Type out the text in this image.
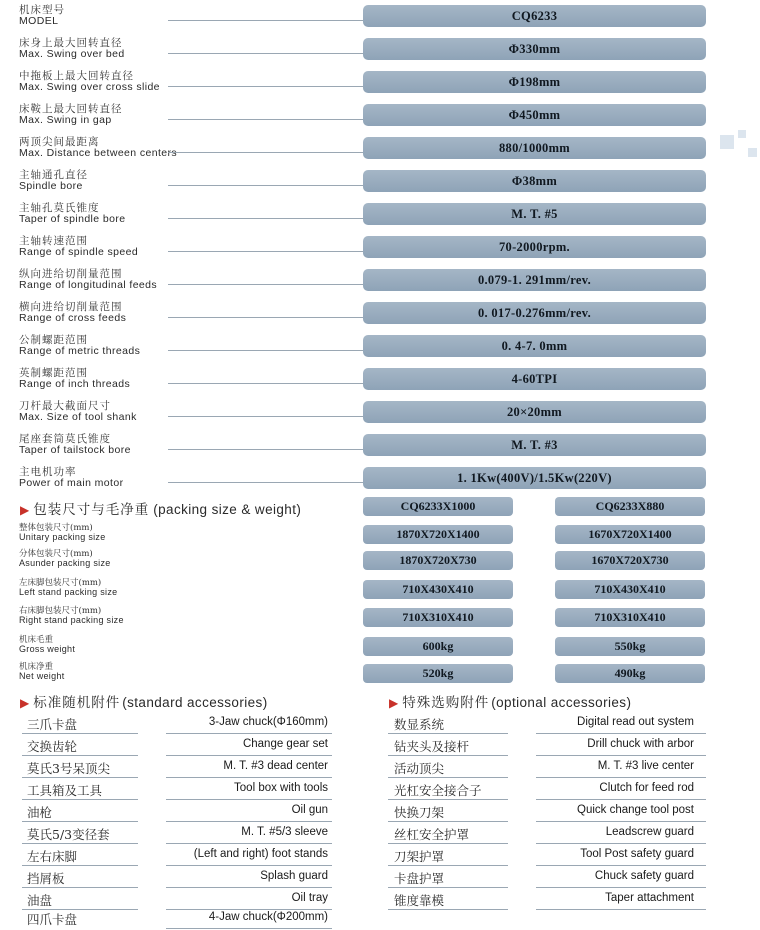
机床型号
MODEL	CQ6233
床身上最大回转直径
Max. Swing over bed	Φ330mm
中拖板上最大回转直径
Max. Swing over cross slide	Φ198mm
床鞍上最大回转直径
Max. Swing in gap	Φ450mm
两顶尖间最距离
Max. Distance between centers	880/1000mm
主轴通孔直径
Spindle bore	Φ38mm
主轴孔莫氏锥度
Taper of spindle bore	M. T. #5
主轴转速范围
Range of spindle speed	70-2000rpm.
纵向进给切削量范围
Range of longitudinal feeds	0.079-1. 291mm/rev.
横向进给切削量范围
Range of cross feeds	0. 017-0.276mm/rev.
公制螺距范围
Range of metric threads	0. 4-7. 0mm
英制螺距范围
Range of inch threads	4-60TPI
刀杆最大截面尺寸
Max. Size of tool shank	20×20mm
尾座套筒莫氏锥度
Taper of tailstock bore	M. T. #3
主电机功率
Power of main motor	1. 1Kw(400V)/1.5Kw(220V)
▶ 包装尺寸与毛净重 (packing size & weight)	CQ6233X1000	CQ6233X880
整体包装尺寸(mm)
Unitary packing size	1870X720X1400	1670X720X1400
分体包装尺寸(mm)
Asunder packing size	1870X720X730	1670X720X730
左床脚包装尺寸(mm)
Left stand packing size	710X430X410	710X430X410
右床脚包装尺寸(mm)
Right stand packing size	710X310X410	710X310X410
机床毛重
Gross weight	600kg	550kg
机床净重
Net weight	520kg	490kg
▶ 标准随机附件 (standard accessories)	▶ 特殊选购附件 (optional accessories)
三爪卡盘	3-Jaw chuck(Φ160mm)
交换齿轮	Change gear set
莫氏3号呆顶尖	M. T. #3 dead center
工具箱及工具	Tool box with tools
油枪	Oil gun
莫氏5/3变径套	M. T. #5/3 sleeve
左右床脚	(Left and right) foot stands
挡屑板	Splash guard
油盘	Oil tray
四爪卡盘	4-Jaw chuck(Φ200mm)
数显系统	Digital read out system
钻夹头及接杆	Drill chuck with arbor
活动顶尖	M. T. #3 live center
光杠安全接合子	Clutch for feed rod
快换刀架	Quick change tool post
丝杠安全护罩	Leadscrew guard
刀架护罩	Tool Post safety guard
卡盘护罩	Chuck safety guard
锥度靠模	Taper attachment
